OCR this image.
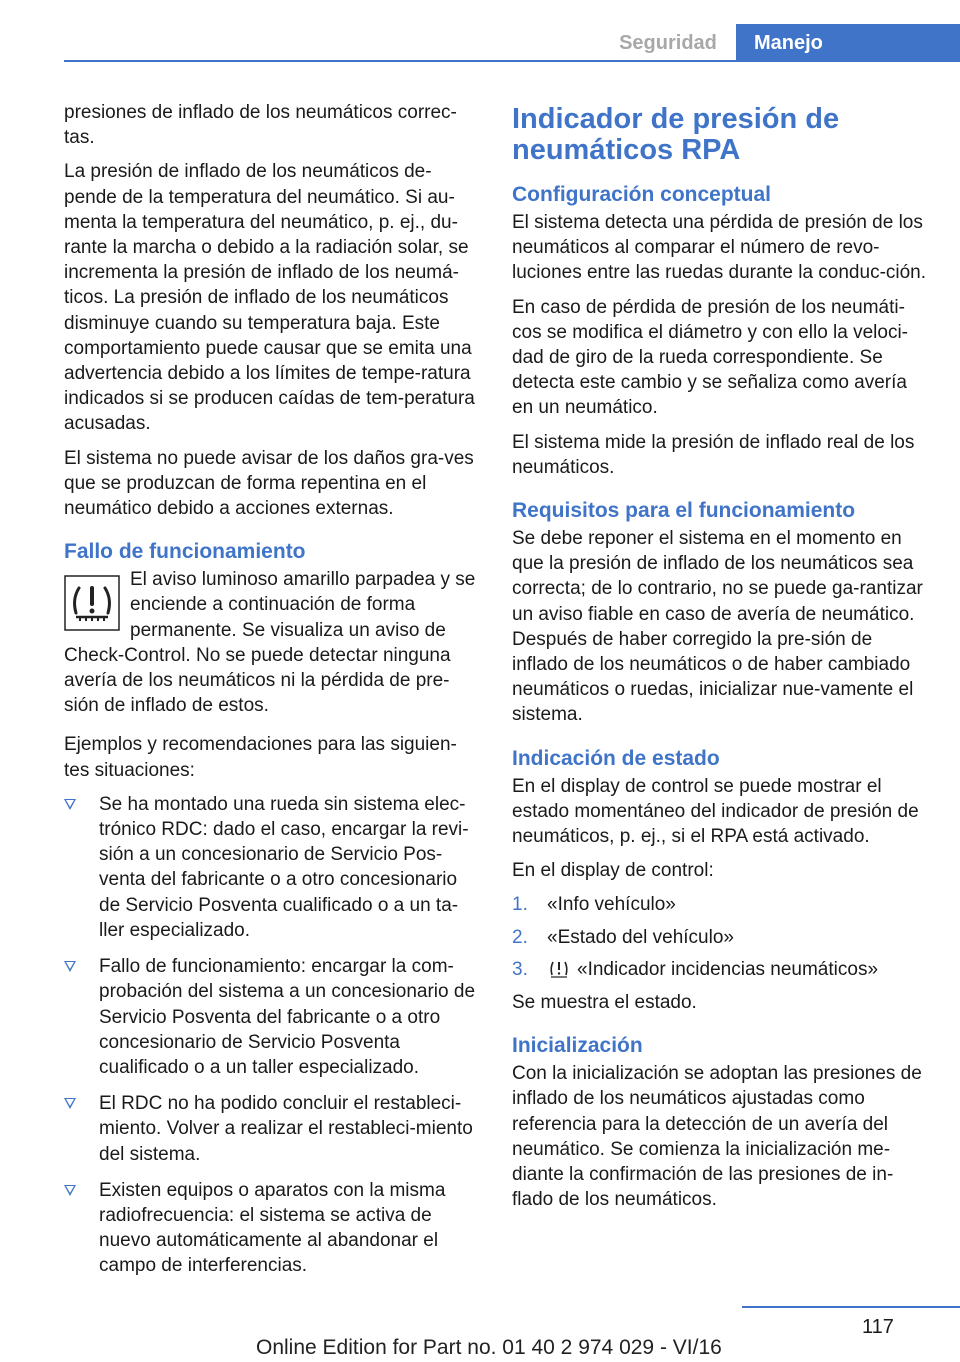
Seguridad	Manejo

presiones de inflado de los neumáticos correc‐tas.

La presión de inflado de los neumáticos de‐pende de la temperatura del neumático. Si au‐menta la temperatura del neumático, p. ej., du‐rante la marcha o debido a la radiación solar, se incrementa la presión de inflado de los neumá‐ticos. La presión de inflado de los neumáticos disminuye cuando su temperatura baja. Este comportamiento puede causar que se emita una advertencia debido a los límites de tempe‐ratura indicados si se producen caídas de tem‐peratura acusadas.

El sistema no puede avisar de los daños gra‐ves que se produzcan de forma repentina en el neumático debido a acciones externas.

Fallo de funcionamiento

El aviso luminoso amarillo parpadea y se enciende a continuación de forma permanente. Se visualiza un aviso de

Check-Control. No se puede detectar ninguna avería de los neumáticos ni la pérdida de pre‐sión de inflado de estos.

Ejemplos y recomendaciones para las siguien‐tes situaciones:

Se ha montado una rueda sin sistema elec‐trónico RDC: dado el caso, encargar la revi‐sión a un concesionario de Servicio Pos‐venta del fabricante o a otro concesionario de Servicio Posventa cualificado o a un ta‐ller especializado.
Fallo de funcionamiento: encargar la com‐probación del sistema a un concesionario de Servicio Posventa del fabricante o a otro concesionario de Servicio Posventa cualificado o a un taller especializado.
El RDC no ha podido concluir el restableci‐miento. Volver a realizar el restableci‐miento del sistema.
Existen equipos o aparatos con la misma radiofrecuencia: el sistema se activa de nuevo automáticamente al abandonar el campo de interferencias.
Indicador de presión de neumáticos RPA
Configuración conceptual

El sistema detecta una pérdida de presión de los neumáticos al comparar el número de revo‐luciones entre las ruedas durante la conduc‐ción.

En caso de pérdida de presión de los neumáti‐cos se modifica el diámetro y con ello la veloci‐dad de giro de la rueda correspondiente. Se detecta este cambio y se señaliza como avería en un neumático.

El sistema mide la presión de inflado real de los neumáticos.

Requisitos para el funcionamiento

Se debe reponer el sistema en el momento en que la presión de inflado de los neumáticos sea correcta; de lo contrario, no se puede ga‐rantizar un aviso fiable en caso de avería de neumático. Después de haber corregido la pre‐sión de inflado de los neumáticos o de haber cambiado neumáticos o ruedas, inicializar nue‐vamente el sistema.

Indicación de estado

En el display de control se puede mostrar el estado momentáneo del indicador de presión de neumáticos, p. ej., si el RPA está activado.

En el display de control:

1. «Info vehículo»
2. «Estado del vehículo»
3.	«Indicador incidencias neumáticos»

Se muestra el estado.

Inicialización

Con la inicialización se adoptan las presiones de inflado de los neumáticos ajustadas como referencia para la detección de un avería del neumático. Se comienza la inicialización me‐diante la confirmación de las presiones de in‐flado de los neumáticos.

117
Online Edition for Part no. 01 40 2 974 029 - VI/16
